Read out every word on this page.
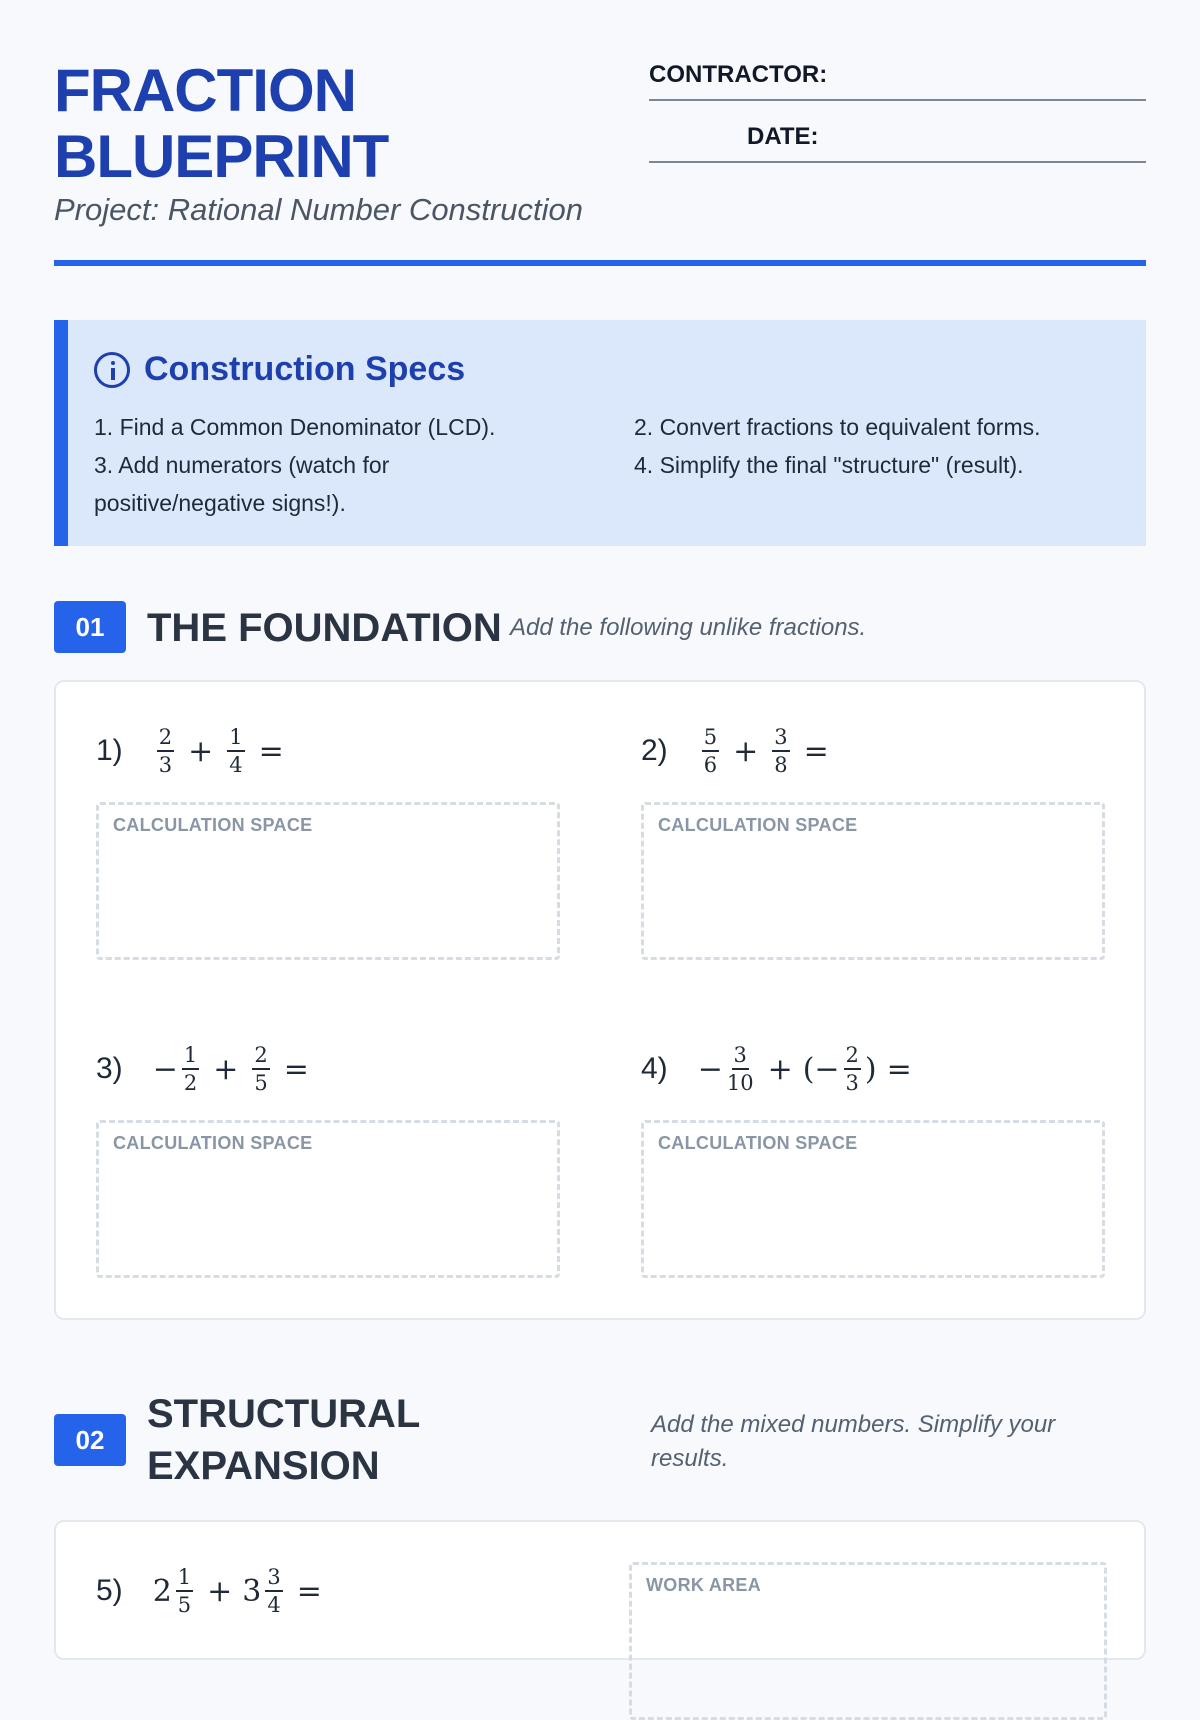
FRACTION
BLUEPRINT
Project: Rational Number Construction
CONTRACTOR:
DATE:
Construction Specs
1. Find a Common Denominator (LCD).	2. Convert fractions to equivalent forms.
3. Add numerators (watch for positive/negative signs!).
4. Simplify the final "structure" (result).
01	THE FOUNDATION Add the following unlike fractions.
$1) \frac{2}{3} + \frac{1}{4}$ =
CALCULATION SPACE
$2) \frac{5}{6} + \frac{3}{8}$ =
CALCULATION SPACE
$3) - \frac{1}{2} + \frac{2}{5}$ =
CALCULATION SPACE
$4) - \frac{3}{10}$ + (− $\frac{2}{3}$ ) =
CALCULATION SPACE
02
STRUCTURAL
EXPANSION
Add the mixed numbers. Simplify your results.
5) $2 \frac{1}{5} + 3 \frac{3}{4}$ =	WORK AREA
